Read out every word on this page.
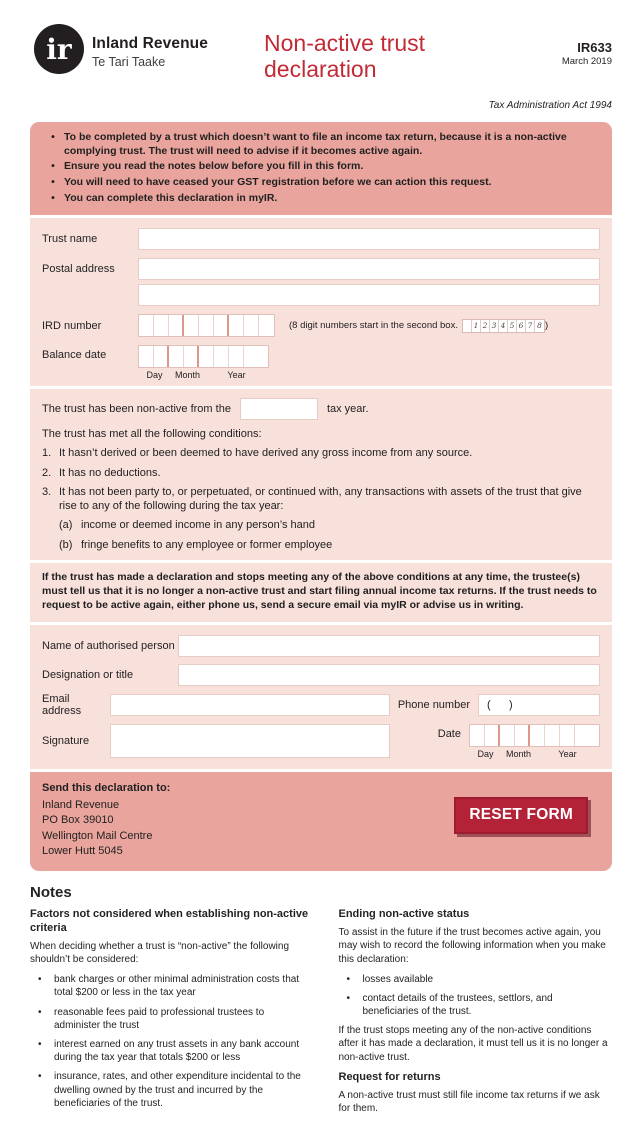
ir Inland Revenue
Te Tari Taake
Non-active trust
declaration
IR633
March 2019
Tax Administration Act 1994
• To be completed by a trust which doesn’t want to file an income tax return, because it is a non-active complying trust. The trust will need to advise if it becomes active again.
• Ensure you read the notes below before you fill in this form.
• You will need to have ceased your GST registration before we can action this request.
• You can complete this declaration in myIR.
Trust name
Postal address
IRD number	(8 digit numbers start in the second box. 1 2 3 4 5 6 7 8 )
Balance date
Day	Month	Year
The trust has been non-active from the	tax year.
The trust has met all the following conditions:
1. It hasn’t derived or been deemed to have derived any gross income from any source.
2. It has no deductions.
3. It has not been party to, or perpetuated, or continued with, any transactions with assets of the trust that give rise to any of the following during the tax year:
(a) income or deemed income in any person’s hand
(b) fringe benefits to any employee or former employee
If the trust has made a declaration and stops meeting any of the above conditions at any time, the trustee(s) must tell us that it is no longer a non-active trust and start filing annual income tax returns. If the trust needs to request to be active again, either phone us, send a secure email via myIR or advise us in writing.
Name of authorised person
Designation or title
Email address	Phone number	(      )
Signature
Date
Day	Month	Year
Send this declaration to:
Inland Revenue
PO Box 39010
Wellington Mail Centre
Lower Hutt 5045
RESET FORM
Notes
Factors not considered when establishing non-active criteria

When deciding whether a trust is “non-active” the following shouldn’t be considered:

•	bank charges or other minimal administration costs that total $200 or less in the tax year
•	reasonable fees paid to professional trustees to administer the trust
•	interest earned on any trust assets in any bank account during the tax year that totals $200 or less
•	insurance, rates, and other expenditure incidental to the dwelling owned by the trust and incurred by the beneficiaries of the trust.
Ending non-active status

To assist in the future if the trust becomes active again, you may wish to record the following information when you make this declaration:

•	losses available
•	contact details of the trustees, settlors, and beneficiaries of the trust.

If the trust stops meeting any of the non-active conditions after it has made a declaration, it must tell us it is no longer a non-active trust.

Request for returns

A non-active trust must still file income tax returns if we ask for them.
